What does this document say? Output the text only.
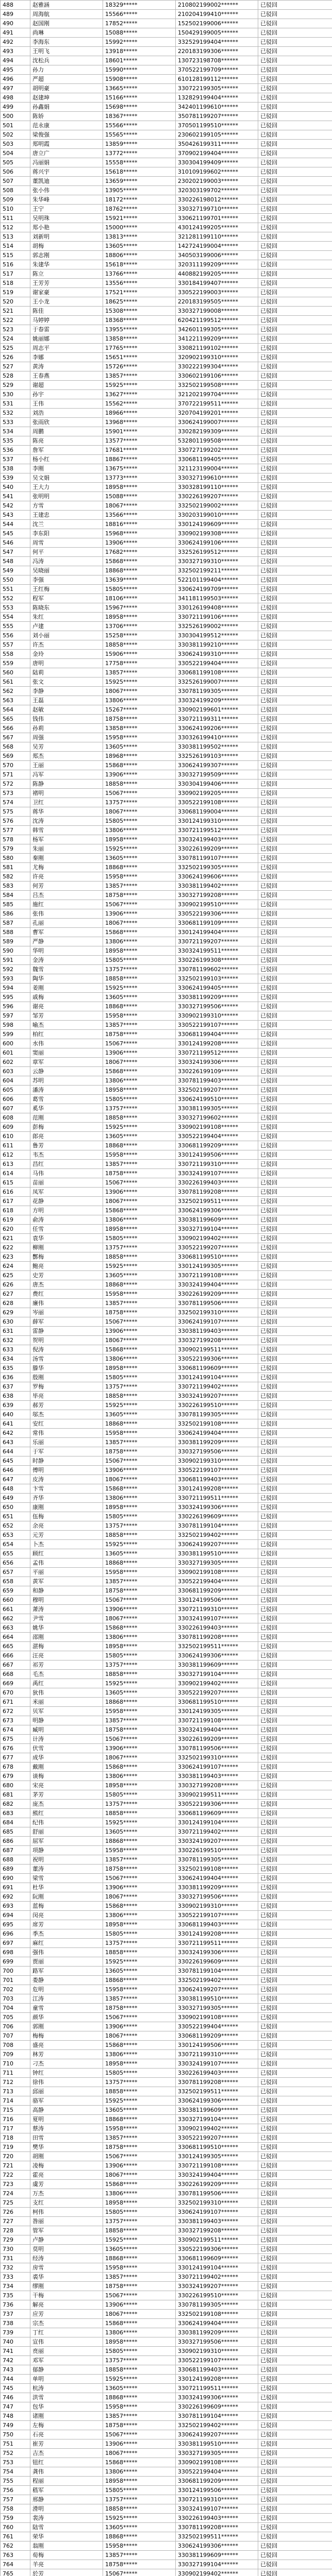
488	赵雅涵	18329*****	210802199002******	已驳回
489	周海航	15566*****	210204199410******	已驳回
490	赵国刚	17852*****	152502199006******	已驳回
491	尚琳	15088*****	150429199005******	已驳回
492	李海东	15992*****	332529199404******	已驳回
493	王明飞	13918*****	220183199306******	已驳回
494	沈松兵	18601*****	130723198708******	已驳回
495	孙力	15990*****	370522199709******	已驳回
496	严超	15908*****	610128199112******	已驳回
497	胡明豪	13665*****	330722199305******	已驳回
498	赵建坤	15166*****	132829199404******	已驳回
499	孙鑫娟	15698*****	342401199610******	已驳回
500	陈娇	18367*****	350781199207******	已驳回
501	范永康	15566*****	370501199510******	已驳回
502	梁俊强	15565*****	230602199105******	已驳回
503	郑明霞	13859*****	350426199311******	已驳回
504	唐立广	13772*****	370902199404******	已驳回
505	冯丽娟	15558*****	330304199409******	已驳回
506	蒋兴宇	15618*****	310109199602******	已驳回
507	董凯迪	13659*****	230202199003******	已驳回
508	张小伟	13905*****	320303199702******	已驳回
509	朱华峰	18172*****	330226198012******	已驳回
510	王宁	18762*****	330327199710******	已驳回
511	吴明珠	15921*****	330621199701******	已驳回
512	郑小艳	15000*****	430124199205******	已驳回
513	刘新明	13813*****	321281199110******	已驳回
514	胡梅	13605*****	142724199004******	已驳回
515	郭志刚	18806*****	340503199006******	已驳回
516	朱建华	15618*****	320311199209******	已驳回
517	陈立	13766*****	440882199205******	已驳回
518	王芳芳	13556*****	330184199407******	已驳回
519	谢家豪	17521*****	330522199003******	已驳回
520	王小龙	18625*****	220183199505******	已驳回
521	陈佳	15308*****	330327199008******	已驳回
522	马婷婷	18368*****	620421199512******	已驳回
523	于春雷	13955*****	342601199305******	已驳回
524	姚丽娜	13858*****	341221199209******	已驳回
525	周志平	17765*****	330821199102******	已驳回
526	李娜	15651*****	320902199310******	已驳回
527	黄涛	15726*****	330222199304******	已驳回
528	王春燕	13857*****	330602199106******	已驳回
529	谢超	15925*****	332502199508******	已驳回
530	孙宇	13627*****	321202199704******	已驳回
531	王伟	15562*****	370722199511******	已驳回
532	刘浩	18966*****	320704199201******	已驳回
533	张雨欣	13968*****	330624199007******	已驳回
534	周鹏	15901*****	330282199309******	已驳回
535	陈亮	13577*****	532801199508******	已驳回
536	詹军	17681*****	330727199202******	已驳回
537	杨小红	18867*****	330681199405******	已驳回
538	李刚	13675*****	321123199004******	已驳回
539	吴文娟	13773*****	330327199610******	已驳回
540	王大力	18958*****	330328199110******	已驳回
541	张明明	15088*****	330226199207******	已驳回
542	方雪	18067*****	332502199002******	已驳回
543	王建忠	13566*****	330203199010******	已驳回
544	沈兰	18816*****	330124199609******	已驳回
545	李东阳	15968*****	330902199308******	已驳回
546	周雪	13906*****	330624199106******	已驳回
547	何平	17682*****	332526199512******	已驳回
548	冯涛	15868*****	330327199310******	已驳回
549	吴晓丽	18868*****	332502199211******	已驳回
550	李强	13639*****	522101199404******	已驳回
551	王红梅	15805*****	330624199709******	已驳回
552	程军	18106*****	341181199503******	已驳回
553	陈晓东	15967*****	330126199408******	已驳回
554	朱红	18958*****	330721199106******	已驳回
555	卢建	13706*****	332526199002******	已驳回
556	刘小丽	15258*****	330304199512******	已驳回
557	许杰	18858*****	330381199210******	已驳回
558	金玲	15906*****	330624199310******	已驳回
559	唐明	17758*****	330522199404******	已驳回
560	陆莉	13857*****	330681199108******	已驳回
561	张文	15925*****	332526199007******	已驳回
562	李静	18067*****	330781199305******	已驳回
563	王磊	13806*****	330324199209******	已驳回
564	赵敏	15267*****	330902199601******	已驳回
565	钱伟	18758*****	330721199311******	已驳回
566	孙莉	13858*****	330624199206******	已驳回
567	周强	15958*****	330326199410******	已驳回
568	吴芳	13605*****	330381199502******	已驳回
569	郑杰	18968*****	332526199103******	已驳回
570	王丽	15868*****	330624199307******	已驳回
571	冯军	13906*****	330327199509******	已驳回
572	陈静	18858*****	330304199406******	已驳回
573	褚明	15067*****	330902199205******	已驳回
574	卫红	13757*****	330522199108******	已驳回
575	蒋华	18067*****	330681199004******	已驳回
576	沈涛	15805*****	330124199310******	已驳回
577	韩雪	13806*****	330721199512******	已驳回
578	杨军	18958*****	330324199403******	已驳回
579	朱丽	15925*****	330226199209******	已驳回
580	秦刚	13605*****	330781199107******	已驳回
581	尤梅	18868*****	332502199305******	已驳回
582	许亮	15958*****	330624199606******	已驳回
583	何芳	13857*****	330381199402******	已驳回
584	吕杰	18758*****	330327199208******	已驳回
585	施红	15067*****	330902199510******	已驳回
586	张伟	13906*****	330522199306******	已驳回
587	孔丽	18067*****	330681199109******	已驳回
588	曹军	15868*****	330124199404******	已驳回
589	严静	13806*****	330721199207******	已驳回
590	华明	18958*****	330324199511******	已驳回
591	金涛	15805*****	330226199308******	已驳回
592	魏雪	13757*****	330781199602******	已驳回
593	陶华	18858*****	332502199103******	已驳回
594	姜刚	15925*****	330624199405******	已驳回
595	戚梅	13605*****	330381199209******	已驳回
596	谢亮	18868*****	330327199506******	已驳回
597	邹芳	15958*****	330902199310******	已驳回
598	喻杰	13857*****	330522199107******	已驳回
599	柏红	18758*****	330681199404******	已驳回
600	水伟	15067*****	330124199208******	已驳回
601	窦丽	13906*****	330721199512******	已驳回
602	章军	18067*****	330324199306******	已驳回
603	云静	15868*****	330226199109******	已驳回
604	苏明	13806*****	330781199403******	已驳回
605	潘涛	18958*****	332502199207******	已驳回
606	葛雪	15805*****	330624199510******	已驳回
607	奚华	13757*****	330381199305******	已驳回
608	范刚	18858*****	330327199602******	已驳回
609	彭梅	15925*****	330902199108******	已驳回
610	郎亮	13605*****	330522199404******	已驳回
611	鲁芳	18868*****	330681199209******	已驳回
612	韦杰	15958*****	330124199506******	已驳回
613	昌红	13857*****	330721199310******	已驳回
614	马伟	18758*****	330324199107******	已驳回
615	苗丽	15067*****	330226199403******	已驳回
616	凤军	13906*****	330781199208******	已驳回
617	花静	18067*****	332502199511******	已驳回
618	方明	15868*****	330624199306******	已驳回
619	俞涛	13806*****	330381199609******	已驳回
620	任雪	18958*****	330327199104******	已驳回
621	袁华	15805*****	330902199402******	已驳回
622	柳刚	13757*****	330522199207******	已驳回
623	酆梅	18858*****	330681199510******	已驳回
624	鲍亮	15925*****	330124199305******	已驳回
625	史芳	13605*****	330721199108******	已驳回
626	唐杰	18868*****	330324199404******	已驳回
627	费红	15958*****	330226199209******	已驳回
628	廉伟	13857*****	330781199506******	已驳回
629	岑丽	18758*****	332502199310******	已驳回
630	薛军	15067*****	330624199107******	已驳回
631	雷静	13906*****	330381199403******	已驳回
632	贺明	18067*****	330327199208******	已驳回
633	倪涛	15868*****	330902199511******	已驳回
634	汤雪	13806*****	330522199306******	已驳回
635	滕华	18958*****	330681199609******	已驳回
636	殷刚	15805*****	330124199104******	已驳回
637	罗梅	13757*****	330721199402******	已驳回
638	毕亮	18858*****	330324199207******	已驳回
639	郝芳	15925*****	330226199510******	已驳回
640	邬杰	13605*****	330781199305******	已驳回
641	安红	18868*****	332502199108******	已驳回
642	常伟	15958*****	330624199404******	已驳回
643	乐丽	13857*****	330381199209******	已驳回
644	于军	18758*****	330327199506******	已驳回
645	时静	15067*****	330902199310******	已驳回
646	傅明	13906*****	330522199107******	已驳回
647	皮涛	18067*****	330681199403******	已驳回
648	卞雪	15868*****	330124199208******	已驳回
649	齐华	13806*****	330721199511******	已驳回
650	康刚	18958*****	330324199306******	已驳回
651	伍梅	15805*****	330226199609******	已驳回
652	余亮	13757*****	330781199104******	已驳回
653	元芳	18858*****	332502199402******	已驳回
654	卜杰	15925*****	330624199207******	已驳回
655	顾红	13605*****	330381199510******	已驳回
656	孟伟	18868*****	330327199305******	已驳回
657	平丽	15958*****	330902199108******	已驳回
658	黄军	13857*****	330522199404******	已驳回
659	和静	18758*****	330681199209******	已驳回
660	穆明	15067*****	330124199506******	已驳回
661	萧涛	13906*****	330721199310******	已驳回
662	尹雪	18067*****	330324199107******	已驳回
663	姚华	15868*****	330226199403******	已驳回
664	邵刚	13806*****	330781199208******	已驳回
665	湛梅	18958*****	332502199511******	已驳回
666	汪亮	15805*****	330624199306******	已驳回
667	祁芳	13757*****	330381199609******	已驳回
668	毛杰	18858*****	330327199104******	已驳回
669	禹红	15925*****	330902199402******	已驳回
670	狄伟	13605*****	330522199207******	已驳回
671	米丽	18868*****	330681199510******	已驳回
672	贝军	15958*****	330124199305******	已驳回
673	明静	13857*****	330721199108******	已驳回
674	臧明	18758*****	330324199404******	已驳回
675	计涛	15067*****	330226199209******	已驳回
676	伏雪	13906*****	330781199506******	已驳回
677	成华	18067*****	332502199310******	已驳回
678	戴刚	15868*****	330624199107******	已驳回
679	谈梅	13806*****	330381199403******	已驳回
680	宋亮	18958*****	330327199208******	已驳回
681	茅芳	15805*****	330902199511******	已驳回
682	庞杰	13757*****	330522199306******	已驳回
683	熊红	18858*****	330681199609******	已驳回
684	纪伟	15925*****	330124199104******	已驳回
685	舒丽	13605*****	330721199402******	已驳回
686	屈军	18868*****	330324199207******	已驳回
687	项静	15958*****	330226199510******	已驳回
688	祝明	13857*****	330781199305******	已驳回
689	董涛	18758*****	332502199108******	已驳回
690	梁雪	15067*****	330624199404******	已驳回
691	杜华	13906*****	330381199209******	已驳回
692	阮刚	18067*****	330327199506******	已驳回
693	蓝梅	15868*****	330902199310******	已驳回
694	闵亮	13806*****	330522199107******	已驳回
695	席芳	18958*****	330681199403******	已驳回
696	季杰	15805*****	330124199208******	已驳回
697	麻红	13757*****	330721199511******	已驳回
698	强伟	18858*****	330324199306******	已驳回
699	贾丽	15925*****	330226199609******	已驳回
700	路军	13605*****	330781199104******	已驳回
701	娄静	18868*****	332502199402******	已驳回
702	危明	15958*****	330624199207******	已驳回
703	江涛	13857*****	330381199510******	已驳回
704	童雪	18758*****	330327199305******	已驳回
705	颜华	15067*****	330902199108******	已驳回
706	郭刚	13906*****	330522199404******	已驳回
707	梅梅	18067*****	330681199209******	已驳回
708	盛亮	15868*****	330124199506******	已驳回
709	林芳	13806*****	330721199310******	已驳回
710	刁杰	18958*****	330324199107******	已驳回
711	钟红	15805*****	330226199403******	已驳回
712	徐伟	13757*****	330781199208******	已驳回
713	邱丽	18858*****	332502199511******	已驳回
714	骆军	15925*****	330624199306******	已驳回
715	高静	13605*****	330381199609******	已驳回
716	夏明	18868*****	330327199104******	已驳回
717	蔡涛	15958*****	330902199402******	已驳回
718	田雪	13857*****	330522199207******	已驳回
719	樊华	18758*****	330681199510******	已驳回
720	胡刚	15067*****	330124199305******	已驳回
721	凌梅	13906*****	330721199108******	已驳回
722	霍亮	18067*****	330324199404******	已驳回
723	虞芳	15868*****	330226199209******	已驳回
724	万杰	13806*****	330781199506******	已驳回
725	支红	18958*****	332502199310******	已驳回
726	柯伟	15805*****	330624199107******	已驳回
727	昝丽	13757*****	330381199403******	已驳回
728	管军	18858*****	330327199208******	已驳回
729	卢静	15925*****	330902199511******	已驳回
730	莫明	13605*****	330522199306******	已驳回
731	经涛	18868*****	330681199609******	已驳回
732	房雪	15958*****	330124199104******	已驳回
733	裘华	13857*****	330721199402******	已驳回
734	缪刚	18758*****	330324199207******	已驳回
735	干梅	15067*****	330226199510******	已驳回
736	解亮	13906*****	330781199305******	已驳回
737	应芳	18067*****	332502199108******	已驳回
738	宗杰	15868*****	330624199404******	已驳回
739	丁红	13806*****	330381199209******	已驳回
740	宣伟	18958*****	330327199506******	已驳回
741	贲丽	15805*****	330902199310******	已驳回
742	邓军	13757*****	330522199107******	已驳回
743	郁静	18858*****	330681199403******	已驳回
744	单明	15925*****	330124199208******	已驳回
745	杭涛	13605*****	330721199511******	已驳回
746	洪雪	18868*****	330324199306******	已驳回
747	包华	15958*****	330226199609******	已驳回
748	诸刚	13857*****	330781199104******	已驳回
749	左梅	18758*****	332502199402******	已驳回
750	石亮	15067*****	330624199207******	已驳回
751	崔芳	13906*****	330381199510******	已驳回
752	吉杰	18067*****	330327199305******	已驳回
753	钮红	15868*****	330902199108******	已驳回
754	龚伟	13806*****	330522199404******	已驳回
755	程丽	18958*****	330681199209******	已驳回
756	嵇军	15805*****	330124199506******	已驳回
757	邢静	13757*****	330721199310******	已驳回
758	滑明	18858*****	330324199107******	已驳回
759	裴涛	15925*****	330226199403******	已驳回
760	陆雪	13605*****	330781199208******	已驳回
761	荣华	18868*****	332502199511******	已驳回
762	翁刚	15958*****	330624199306******	已驳回
763	荀梅	13857*****	330381199609******	已驳回
764	羊亮	18758*****	330327199104******	已驳回
765	於芳	15067*****	330902199402******	已驳回
